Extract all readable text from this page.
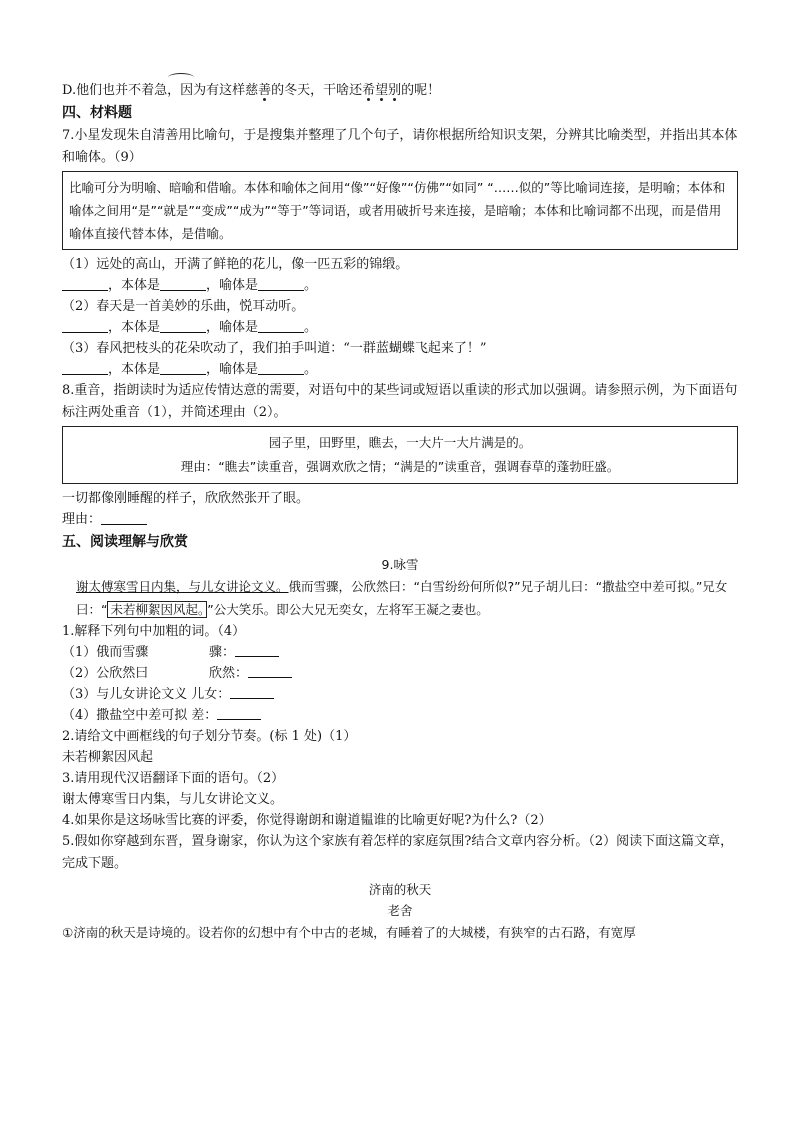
D.他们也并不着急，因为有这样慈善的冬天，干啥还希望别的呢！
四、材料题
7.小星发现朱自清善用比喻句，于是搜集并整理了几个句子，请你根据所给知识支架，分辨其比喻类型，并指出其本体和喻体。（9）
比喻可分为明喻、暗喻和借喻。本体和喻体之间用“像”“好像”“仿佛”“如同” “……似的”等比喻词连接，是明喻；本体和喻体之间用“是”“就是”“变成”“成为”“等于”等词语，或者用破折号来连接，是暗喻；本体和比喻词都不出现，而是借用喻体直接代替本体，是借喻。
（1）远处的高山，开满了鲜艳的花儿，像一匹五彩的锦缎。
，本体是	，喻体是	。
（2）春天是一首美妙的乐曲，悦耳动听。
，本体是	，喻体是	。
（3）春风把枝头的花朵吹动了，我们拍手叫道：“一群蓝蝴蝶飞起来了！”
，本体是	，喻体是	。
8.重音，指朗读时为适应传情达意的需要，对语句中的某些词或短语以重读的形式加以强调。请参照示例，为下面语句标注两处重音（1），并简述理由（2）。
园子里，田野里，瞧去，一大片一大片满是的。
理由：“瞧去”读重音，强调欢欣之情；“满是的”读重音，强调春草的蓬勃旺盛。
一切都像刚睡醒的样子，欣欣然张开了眼。
理由：
五、阅读理解与欣赏
9.咏雪

谢太傅寒雪日内集，与儿女讲论文义。俄而雪骤，公欣然曰：“白雪纷纷何所似?”兄子胡儿曰：“撒盐空中差可拟。”兄女曰：“ 未若柳絮因风起。 ”公大笑乐。即公大兄无奕女，左将军王凝之妻也。

1.解释下列句中加粗的词。（4）
（1）俄而雪骤	骤：
（2）公欣然曰	欣然：
（3）与儿女讲论文义 儿女：
（4）撒盐空中差可拟 差：
2.请给文中画框线的句子划分节奏。(标 1 处)（1）
未若柳絮因风起
3.请用现代汉语翻译下面的语句。（2）
谢太傅寒雪日内集，与儿女讲论文义。
4.如果你是这场咏雪比赛的评委，你觉得谢朗和谢道韫谁的比喻更好呢?为什么?（2）
5.假如你穿越到东晋，置身谢家，你认为这个家族有着怎样的家庭氛围?结合文章内容分析。（2）阅读下面这篇文章，完成下题。
济南的秋天
老舍
①济南的秋天是诗境的。设若你的幻想中有个中古的老城，有睡着了的大城楼，有狭窄的古石路，有宽厚
